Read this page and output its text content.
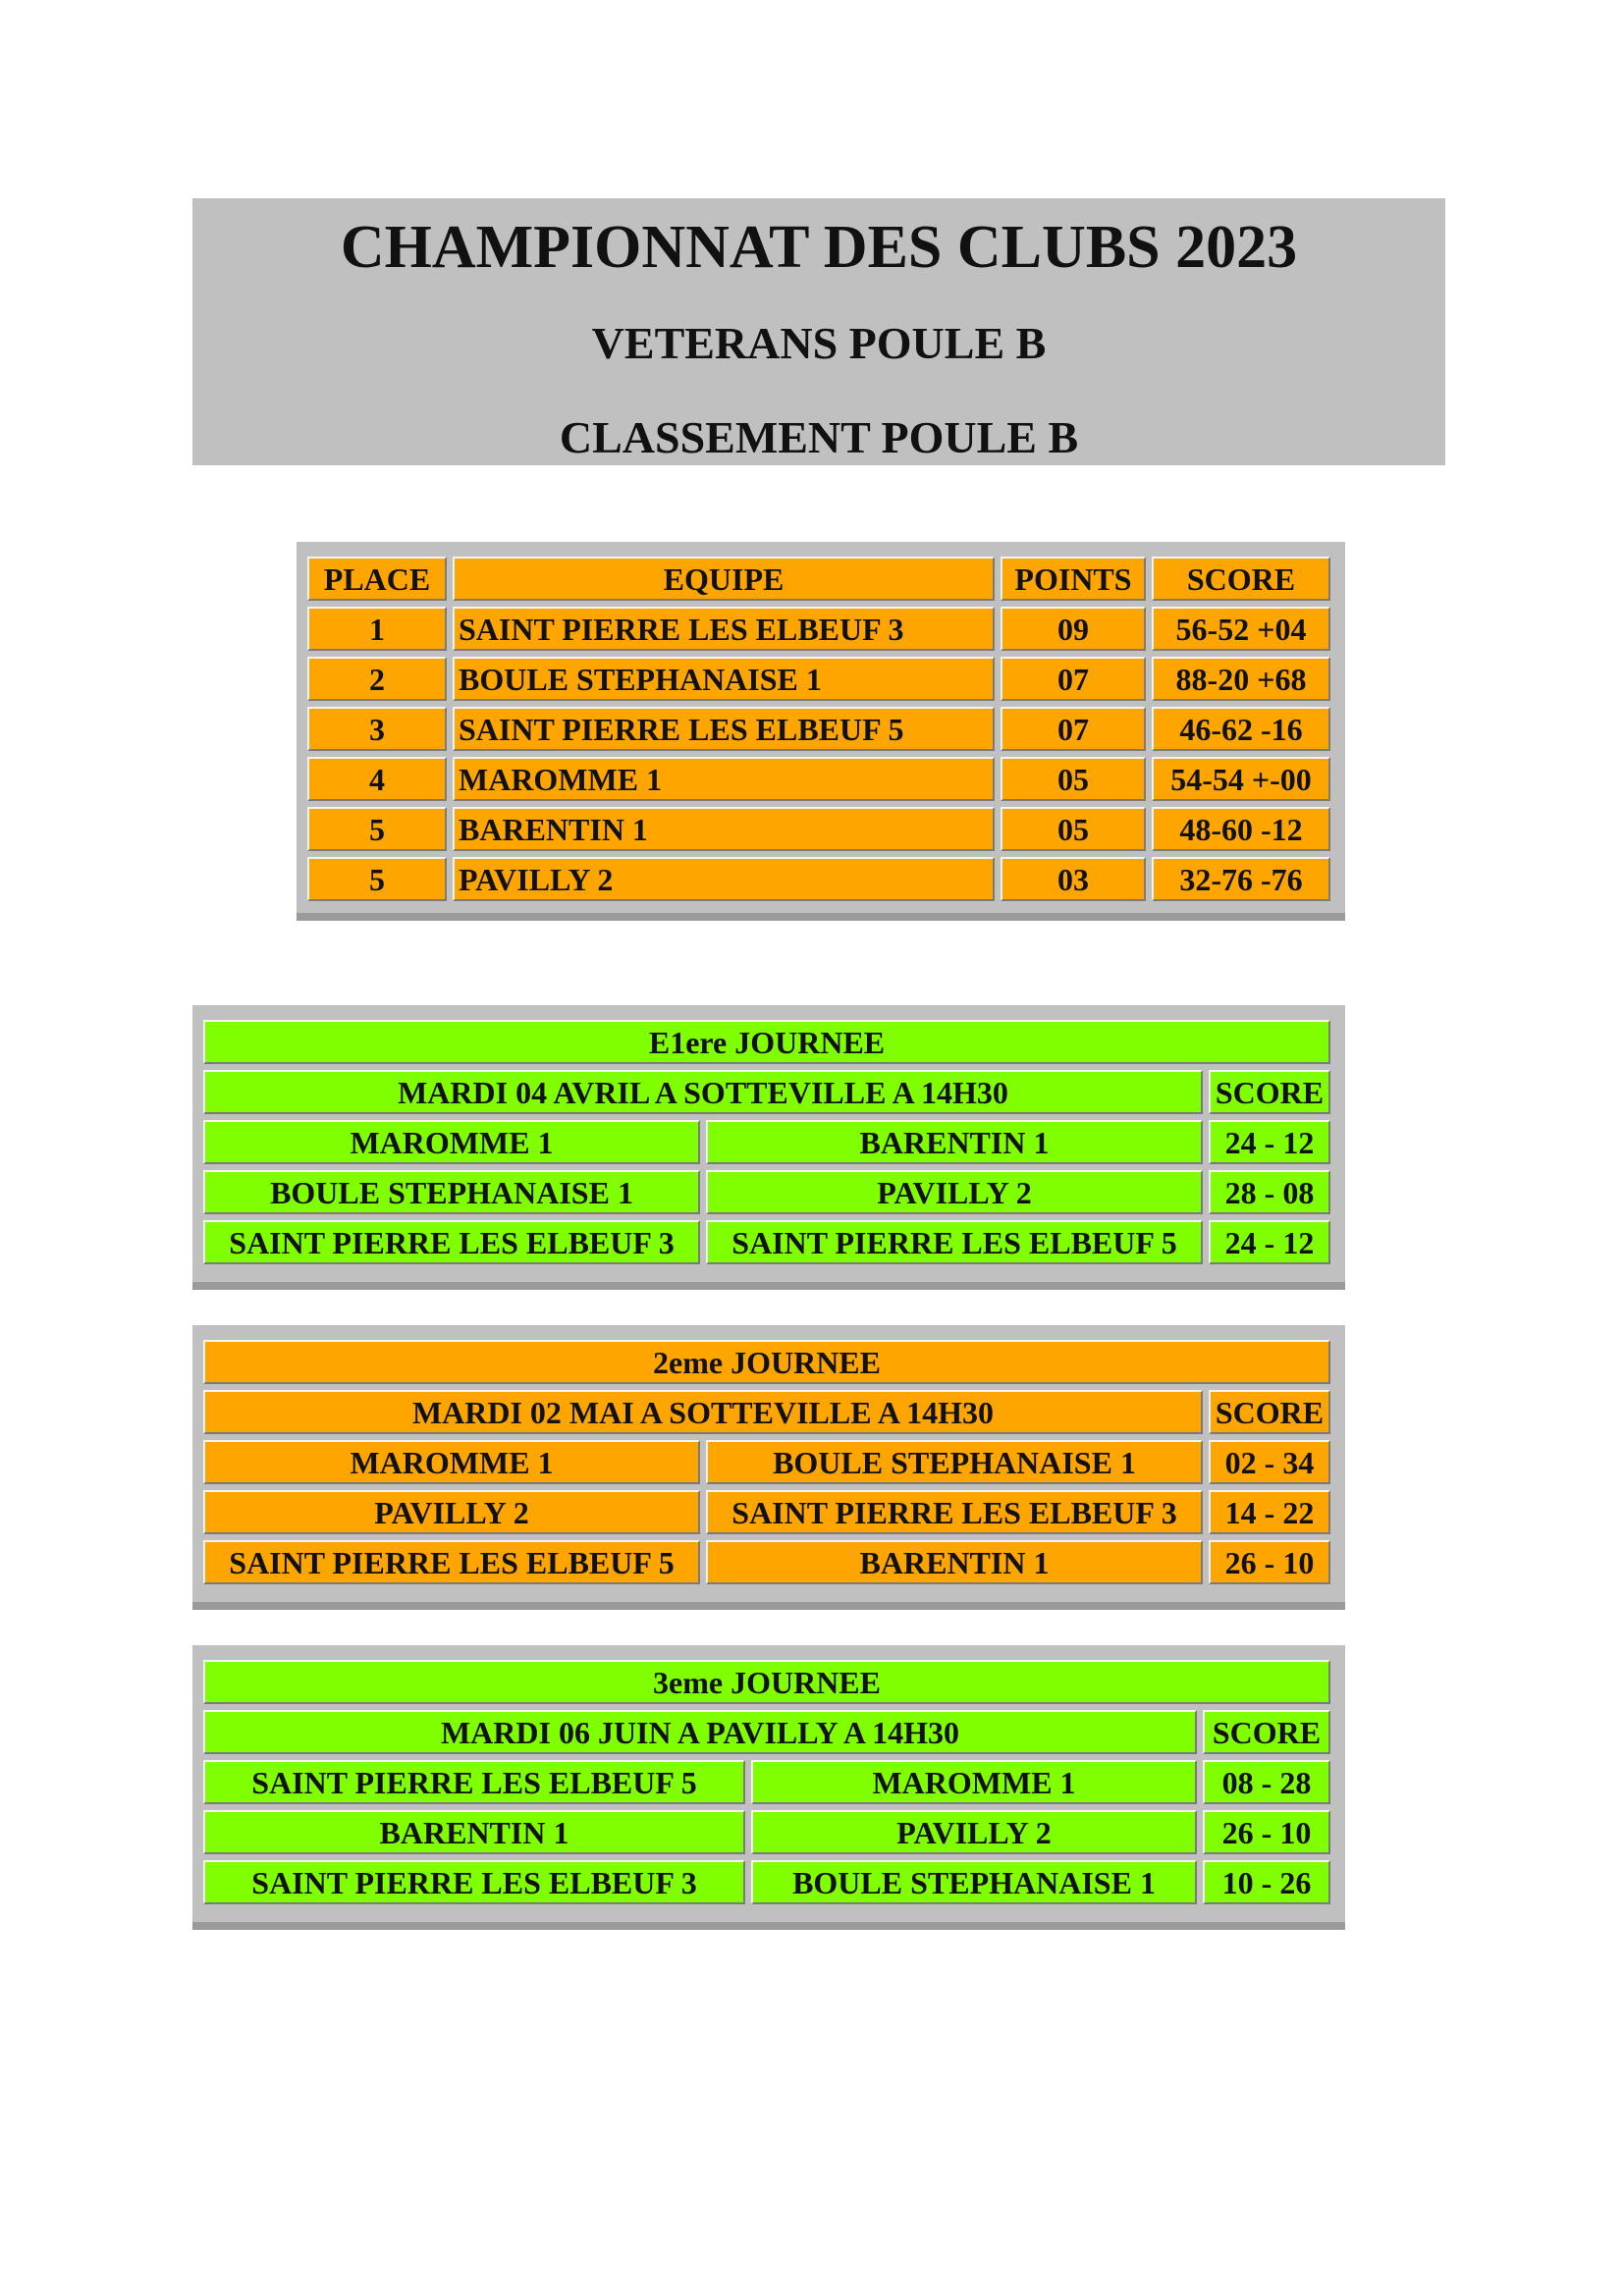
CHAMPIONNAT DES CLUBS 2023
VETERANS POULE B
CLASSEMENT POULE B
PLACE	EQUIPE	POINTS	SCORE
1	SAINT PIERRE LES ELBEUF 3	09	56-52 +04
2	BOULE STEPHANAISE 1	07	88-20 +68
3	SAINT PIERRE LES ELBEUF 5	07	46-62 -16
4	MAROMME 1	05	54-54 +-00
5	BARENTIN 1	05	48-60 -12
5	PAVILLY 2	03	32-76 -76
E1ere JOURNEE		
MARDI 04 AVRIL A SOTTEVILLE A 14H30		SCORE
MAROMME 1	BARENTIN 1	24 - 12
BOULE STEPHANAISE 1	PAVILLY 2	28 - 08
SAINT PIERRE LES ELBEUF 3	SAINT PIERRE LES ELBEUF 5	24 - 12
2eme JOURNEE		
MARDI 02 MAI A SOTTEVILLE A 14H30		SCORE
MAROMME 1	BOULE STEPHANAISE 1	02 - 34
PAVILLY 2	SAINT PIERRE LES ELBEUF 3	14 - 22
SAINT PIERRE LES ELBEUF 5	BARENTIN 1	26 - 10
3eme JOURNEE		
MARDI 06 JUIN A PAVILLY A 14H30		SCORE
SAINT PIERRE LES ELBEUF 5	MAROMME 1	08 - 28
BARENTIN 1	PAVILLY 2	26 - 10
SAINT PIERRE LES ELBEUF 3	BOULE STEPHANAISE 1	10 - 26
